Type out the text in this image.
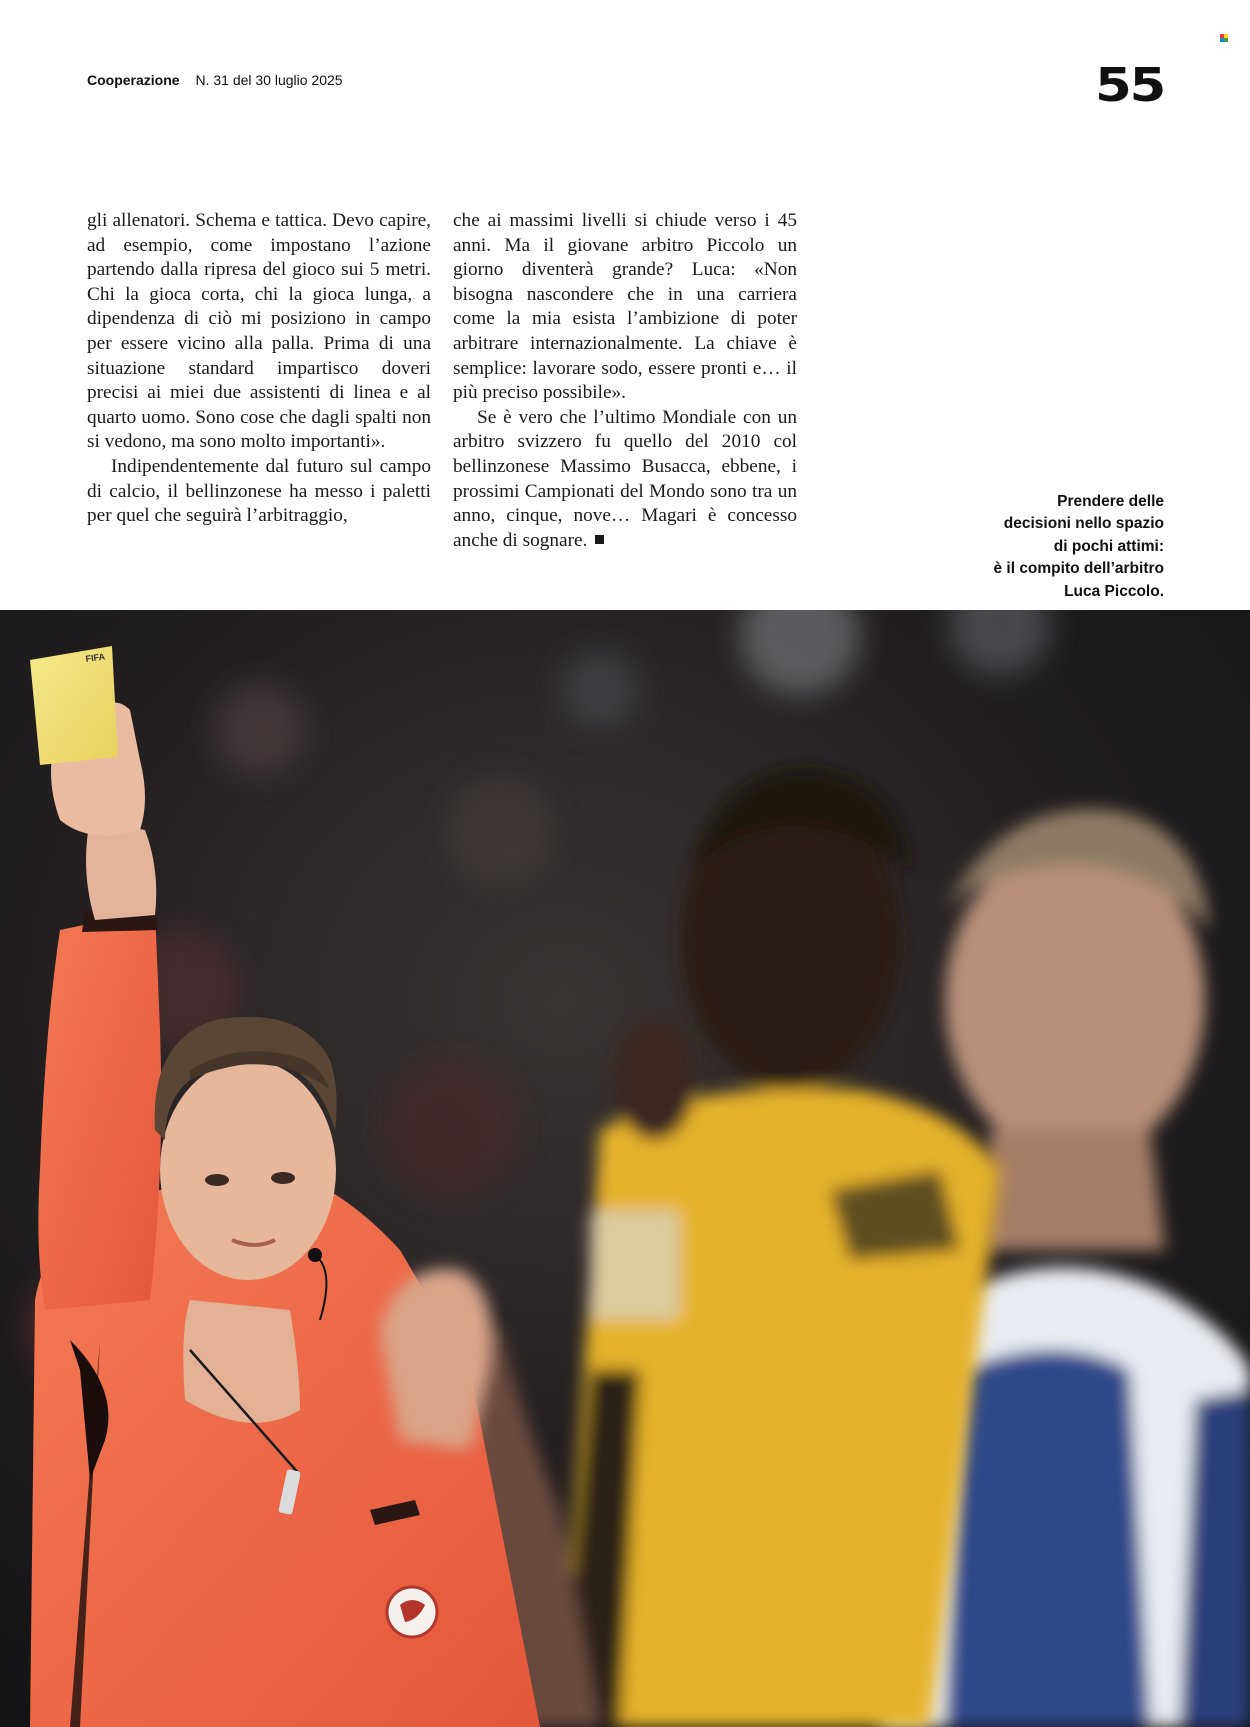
Cooperazione N. 31 del 30 luglio 2025	55

gli allenatori. Schema e tattica. Devo capire, ad esempio, come impostano l’azione partendo dalla ripresa del gioco sui 5 metri. Chi la gioca corta, chi la gioca lunga, a dipendenza di ciò mi posiziono in campo per essere vicino alla palla. Prima di una situazione standard impartisco doveri precisi ai miei due assistenti di linea e al quarto uomo. Sono cose che dagli spalti non si vedono, ma sono molto importanti».

Indipendentemente dal futuro sul campo di calcio, il bellinzonese ha messo i paletti per quel che seguirà l’arbitraggio,

che ai massimi livelli si chiude verso i 45 anni. Ma il giovane arbitro Piccolo un giorno diventerà grande? Luca: «Non bisogna nascondere che in una carriera come la mia esista l’ambizione di poter arbitrare internazionalmente. La chiave è semplice: lavorare sodo, essere pronti e… il più preciso possibile».

Se è vero che l’ultimo Mondiale con un arbitro svizzero fu quello del 2010 col bellinzonese Massimo Busacca, ebbene, i prossimi Campionati del Mondo sono tra un anno, cinque, nove… Magari è concesso anche di sognare.

Prendere delle
decisioni nello spazio
di pochi attimi:
è il compito dell’arbitro
Luca Piccolo.
FIFA
